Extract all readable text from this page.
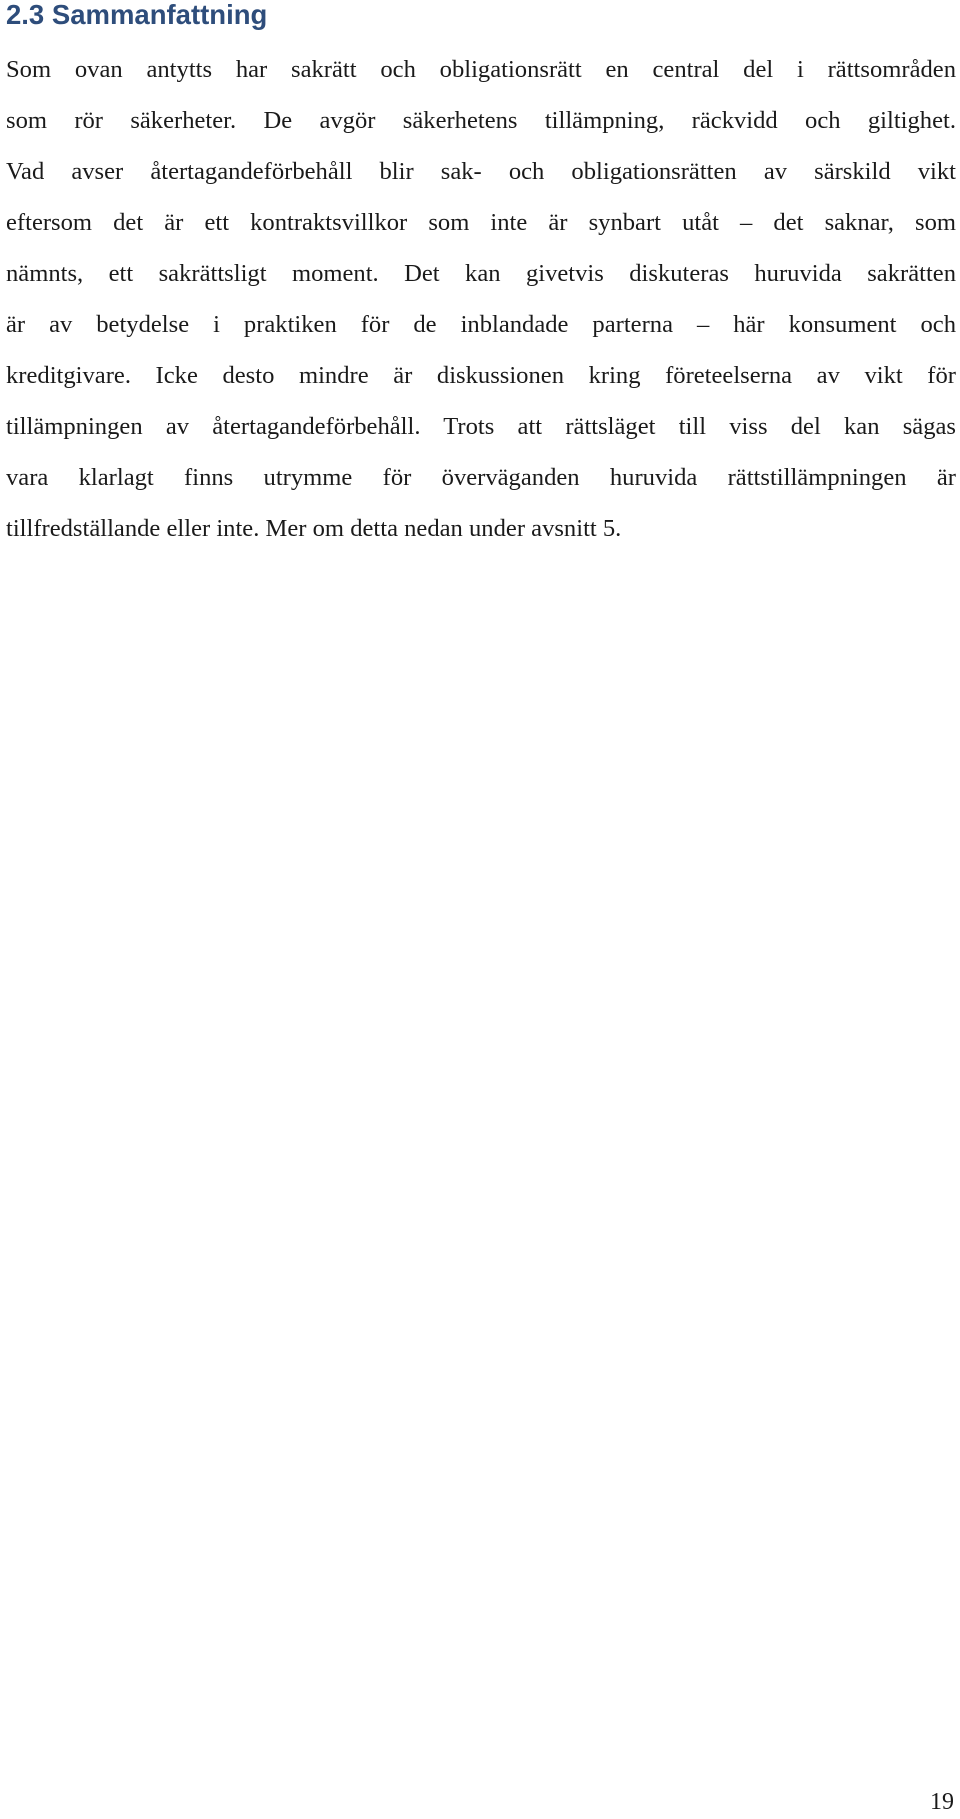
2.3 Sammanfattning
Som ovan antytts har sakrätt och obligationsrätt en central del i rättsområden
som rör säkerheter. De avgör säkerhetens tillämpning, räckvidd och giltighet.
Vad avser återtagandeförbehåll blir sak- och obligationsrätten av särskild vikt
eftersom det är ett kontraktsvillkor som inte är synbart utåt – det saknar, som
nämnts, ett sakrättsligt moment. Det kan givetvis diskuteras huruvida sakrätten
är av betydelse i praktiken för de inblandade parterna – här konsument och
kreditgivare. Icke desto mindre är diskussionen kring företeelserna av vikt för
tillämpningen av återtagandeförbehåll. Trots att rättsläget till viss del kan sägas
vara klarlagt finns utrymme för överväganden huruvida rättstillämpningen är
tillfredställande eller inte. Mer om detta nedan under avsnitt 5.
19
